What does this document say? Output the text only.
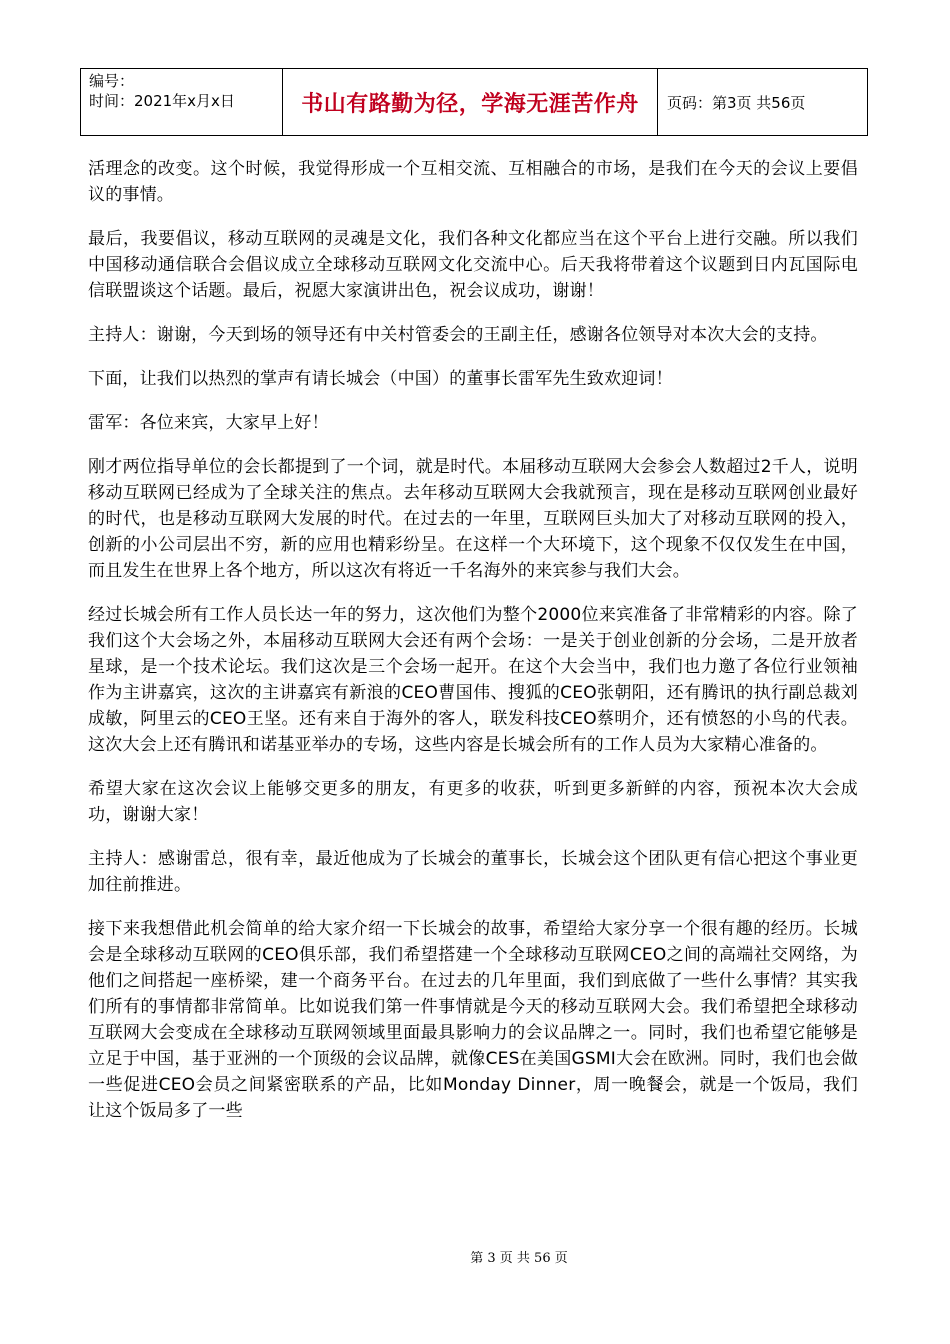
编号：
时间：2021年x月x日	书山有路勤为径，学海无涯苦作舟 页码：第3页 共56页

活理念的改变。这个时候，我觉得形成一个互相交流、互相融合的市场，是我们在今天的会议上要倡议的事情。

最后，我要倡议，移动互联网的灵魂是文化，我们各种文化都应当在这个平台上进行交融。所以我们中国移动通信联合会倡议成立全球移动互联网文化交流中心。后天我将带着这个议题到日内瓦国际电信联盟谈这个话题。最后，祝愿大家演讲出色，祝会议成功，谢谢！

主持人：谢谢，今天到场的领导还有中关村管委会的王副主任，感谢各位领导对本次大会的支持。

下面，让我们以热烈的掌声有请长城会（中国）的董事长雷军先生致欢迎词！

雷军：各位来宾，大家早上好！

刚才两位指导单位的会长都提到了一个词，就是时代。本届移动互联网大会参会人数超过2千人，说明移动互联网已经成为了全球关注的焦点。去年移动互联网大会我就预言，现在是移动互联网创业最好的时代，也是移动互联网大发展的时代。在过去的一年里，互联网巨头加大了对移动互联网的投入，创新的小公司层出不穷，新的应用也精彩纷呈。在这样一个大环境下，这个现象不仅仅发生在中国，而且发生在世界上各个地方，所以这次有将近一千名海外的来宾参与我们大会。

经过长城会所有工作人员长达一年的努力，这次他们为整个2000位来宾准备了非常精彩的内容。除了我们这个大会场之外，本届移动互联网大会还有两个会场：一是关于创业创新的分会场，二是开放者星球，是一个技术论坛。我们这次是三个会场一起开。在这个大会当中，我们也力邀了各位行业领袖作为主讲嘉宾，这次的主讲嘉宾有新浪的CEO曹国伟、搜狐的CEO张朝阳，还有腾讯的执行副总裁刘成敏，阿里云的CEO王坚。还有来自于海外的客人，联发科技CEO蔡明介，还有愤怒的小鸟的代表。这次大会上还有腾讯和诺基亚举办的专场，这些内容是长城会所有的工作人员为大家精心准备的。

希望大家在这次会议上能够交更多的朋友，有更多的收获，听到更多新鲜的内容，预祝本次大会成功，谢谢大家！

主持人：感谢雷总，很有幸，最近他成为了长城会的董事长，长城会这个团队更有信心把这个事业更加往前推进。

接下来我想借此机会简单的给大家介绍一下长城会的故事，希望给大家分享一个很有趣的经历。长城会是全球移动互联网的CEO俱乐部，我们希望搭建一个全球移动互联网CEO之间的高端社交网络，为他们之间搭起一座桥梁，建一个商务平台。在过去的几年里面，我们到底做了一些什么事情？其实我们所有的事情都非常简单。比如说我们第一件事情就是今天的移动互联网大会。我们希望把全球移动互联网大会变成在全球移动互联网领域里面最具影响力的会议品牌之一。同时，我们也希望它能够是立足于中国，基于亚洲的一个顶级的会议品牌，就像CES在美国GSMI大会在欧洲。同时，我们也会做一些促进CEO会员之间紧密联系的产品，比如Monday Dinner，周一晚餐会，就是一个饭局，我们让这个饭局多了一些

第 3 页 共 56 页
